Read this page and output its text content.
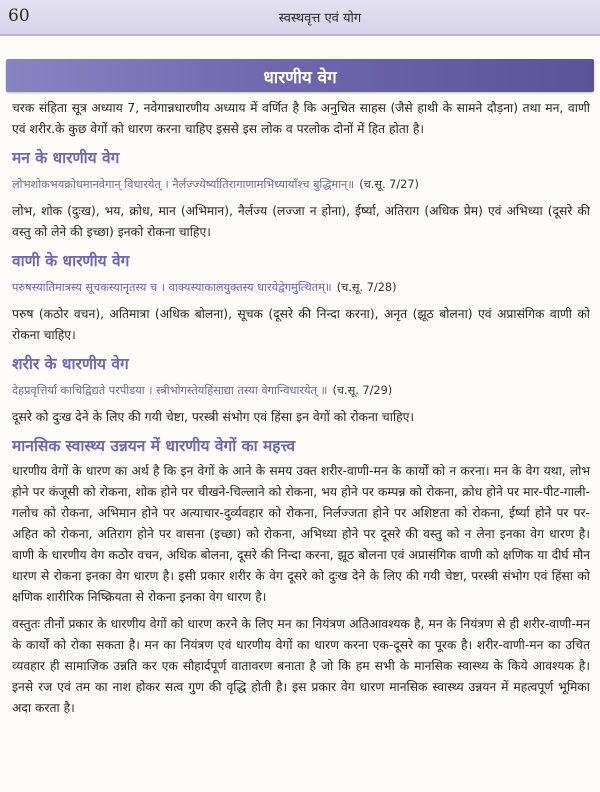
60	स्वस्थवृत्त एवं योग
धारणीय वेग

चरक संहिता सूत्र अध्याय 7, नवेगान्नधारणीय अध्याय में वर्णित है कि अनुचित साहस (जैसे हाथी के सामने दौड़ना) तथा मन, वाणी एवं शरीर.के कुछ वेगों को धारण करना चाहिए इससे इस लोक व परलोक दोनों में हित होता है।

मन के धारणीय वेग
लोभशोकभयक्रोधमानवेगान् विधारयेत् । नैर्लज्ज्येर्ष्यातिरागाणामभिध्यायाँश्च बुद्धिमान्॥ (च.सू. 7/27)

लोभ, शोक (दुःख), भय, क्रोध, मान (अभिमान), नैर्लज्य (लज्जा न होना), ईर्ष्या, अतिराग (अधिक प्रेम) एवं अभिध्या (दूसरे की वस्तु को लेने की इच्छा) इनको रोकना चाहिए।

वाणी के धारणीय वेग
परुषस्यातिमात्रस्य सूचकस्यानृतस्य च । वाक्यस्याकालयुक्तस्य धारयेद्वेगमुत्थितम्॥ (च.सू. 7/28)

परुष (कठोर वचन), अतिमात्रा (अधिक बोलना), सूचक (दूसरे की निन्दा करना), अनृत (झूठ बोलना) एवं अप्रासंगिक वाणी को रोकना चाहिए।

शरीर के धारणीय वेग
देहप्रवृत्तिर्या काचिद्विद्यते परपीडया । स्त्रीभोगस्तेयहिंसाद्या तस्या वेगान्विधारयेत् ॥ (च.सू. 7/29)

दूसरे को दुःख देने के लिए की गयी चेष्टा, परस्त्री संभोग एवं हिंसा इन वेगों को रोकना चाहिए।

मानसिक स्वास्थ्य उन्नयन में धारणीय वेगों का महत्त्व

धारणीय वेगों के धारण का अर्थ है कि इन वेगों के आने के समय उक्त शरीर-वाणी-मन के कार्यों को न करना। मन के वेग यथा, लोभ होने पर कंजूसी को रोकना, शोक होने पर चीखने-चिल्लाने को रोकना, भय होने पर कम्पन्न को रोकना, क्रोध होने पर मार-पीट-गाली-गलोच को रोकना, अभिमान होने पर अत्याचार-दुर्व्यवहार को रोकना, निर्लज्जता होने पर अशिष्टता को रोकना, ईर्ष्या होने पर पर-अहित को रोकना, अतिराग होने पर वासना (इच्छा) को रोकना, अभिध्या होने पर दूसरे की वस्तु को न लेना इनका वेग धारण है। वाणी के धारणीय वेग कठोर वचन, अधिक बोलना, दूसरे की निन्दा करना, झूठ बोलना एवं अप्रासंगिक वाणी को क्षणिक या दीर्घ मौन धारण से रोकना इनका वेग धारण है। इसी प्रकार शरीर के वेग दूसरे को दुःख देने के लिए की गयी चेष्टा, परस्त्री संभोग एवं हिंसा को क्षणिक शारीरिक निष्क्रियता से रोकना इनका वेग धारण है।

वस्तुतः तीनों प्रकार के धारणीय वेगों को धारण करने के लिए मन का नियंत्रण अतिआवश्यक है, मन के नियंत्रण से ही शरीर-वाणी-मन के कार्यों को रोका सकता है। मन का नियंत्रण एवं धारणीय वेगों का धारण करना एक-दूसरे का पूरक है। शरीर-वाणी-मन का उचित व्यवहार ही सामाजिक उन्नति कर एक सौहार्दपूर्ण वातावरण बनाता है जो कि हम सभी के मानसिक स्वास्थ्य के किये आवश्यक है। इनसे रज एवं तम का नाश होकर सत्व गुण की वृद्धि होती है। इस प्रकार वेग धारण मानसिक स्वास्थ्य उन्नयन में महत्वपूर्ण भूमिका अदा करता है।
